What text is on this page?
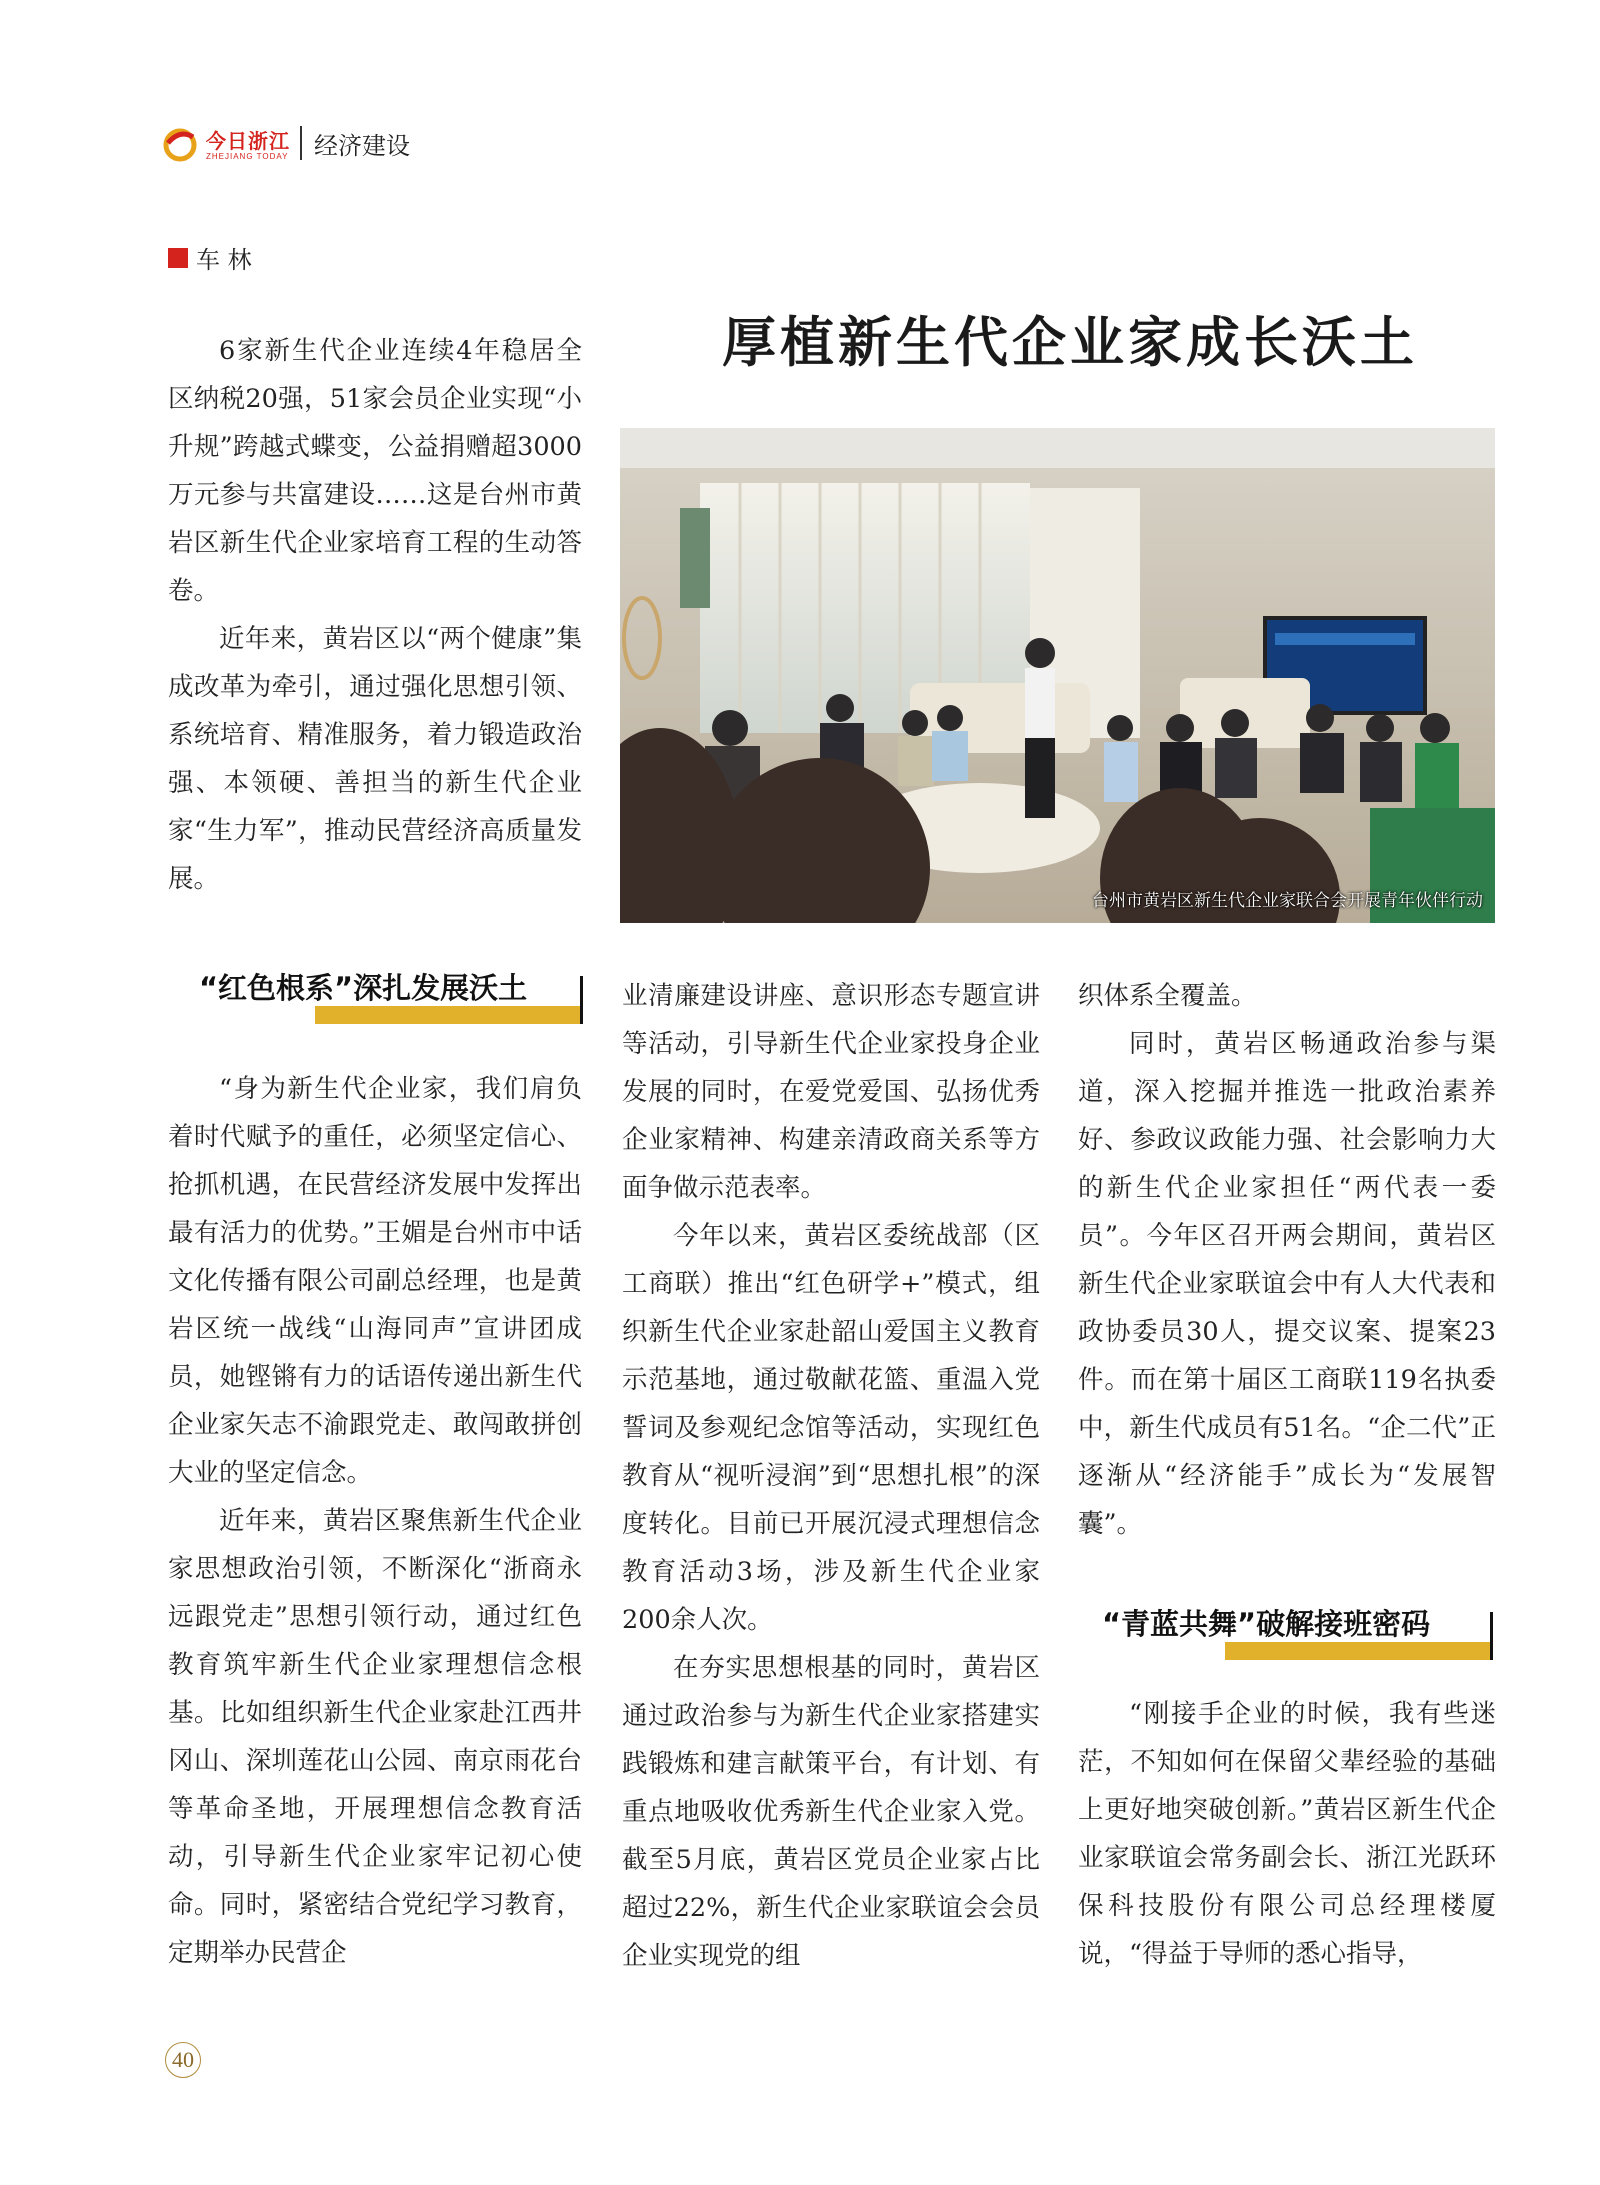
今日浙江
ZHEJIANG TODAY 经济建设
车 林
厚植新生代企业家成长沃土

6家新生代企业连续4年稳居全区纳税20强，51家会员企业实现“小升规”跨越式蝶变，公益捐赠超3000万元参与共富建设……这是台州市黄岩区新生代企业家培育工程的生动答卷。

近年来，黄岩区以“两个健康”集成改革为牵引，通过强化思想引领、系统培育、精准服务，着力锻造政治强、本领硬、善担当的新生代企业家“生力军”，推动民营经济高质量发展。

台州市黄岩区新生代企业家联合会开展青年伙伴行动
“红色根系”深扎发展沃土

“身为新生代企业家，我们肩负着时代赋予的重任，必须坚定信心、抢抓机遇，在民营经济发展中发挥出最有活力的优势。”王媚是台州市中话文化传播有限公司副总经理，也是黄岩区统一战线“山海同声”宣讲团成员，她铿锵有力的话语传递出新生代企业家矢志不渝跟党走、敢闯敢拼创大业的坚定信念。

近年来，黄岩区聚焦新生代企业家思想政治引领，不断深化“浙商永远跟党走”思想引领行动，通过红色教育筑牢新生代企业家理想信念根基。比如组织新生代企业家赴江西井冈山、深圳莲花山公园、南京雨花台等革命圣地，开展理想信念教育活动，引导新生代企业家牢记初心使命。同时，紧密结合党纪学习教育，定期举办民营企

业清廉建设讲座、意识形态专题宣讲等活动，引导新生代企业家投身企业发展的同时，在爱党爱国、弘扬优秀企业家精神、构建亲清政商关系等方面争做示范表率。

今年以来，黄岩区委统战部（区工商联）推出“红色研学+”模式，组织新生代企业家赴韶山爱国主义教育示范基地，通过敬献花篮、重温入党誓词及参观纪念馆等活动，实现红色教育从“视听浸润”到“思想扎根”的深度转化。目前已开展沉浸式理想信念教育活动3场，涉及新生代企业家200余人次。

在夯实思想根基的同时，黄岩区通过政治参与为新生代企业家搭建实践锻炼和建言献策平台，有计划、有重点地吸收优秀新生代企业家入党。截至5月底，黄岩区党员企业家占比超过22%，新生代企业家联谊会会员企业实现党的组

织体系全覆盖。

同时，黄岩区畅通政治参与渠道，深入挖掘并推选一批政治素养好、参政议政能力强、社会影响力大的新生代企业家担任“两代表一委员”。今年区召开两会期间，黄岩区新生代企业家联谊会中有人大代表和政协委员30人，提交议案、提案23件。而在第十届区工商联119名执委中，新生代成员有51名。“企二代”正逐渐从“经济能手”成长为“发展智囊”。

“青蓝共舞”破解接班密码

“刚接手企业的时候，我有些迷茫，不知如何在保留父辈经验的基础上更好地突破创新。”黄岩区新生代企业家联谊会常务副会长、浙江光跃环保科技股份有限公司总经理楼厦说，“得益于导师的悉心指导，

40
